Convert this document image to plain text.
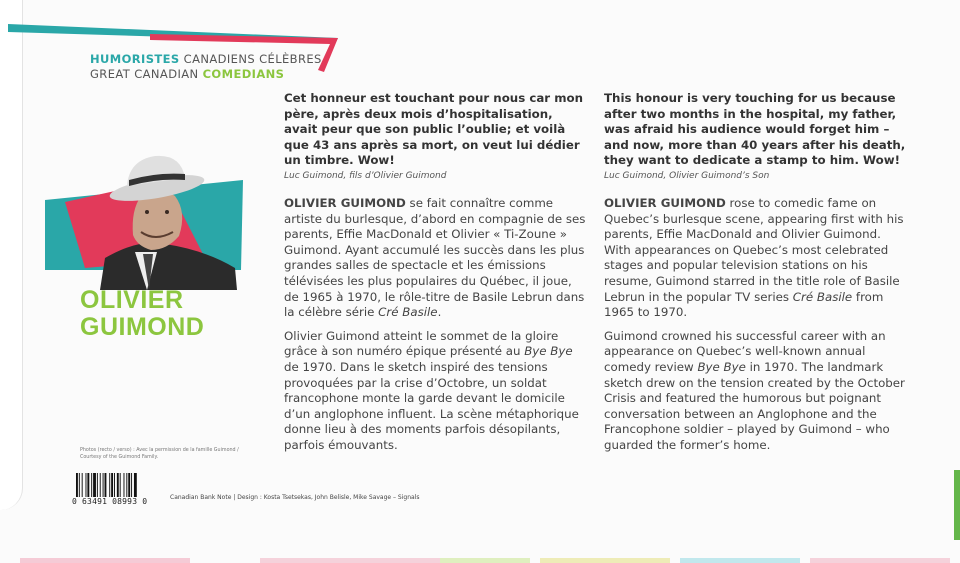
HUMORISTES CANADIENS CÉLÈBRES
GREAT CANADIAN COMEDIANS
OLIVIER
GUIMOND
Photos (recto / verso) : Avec la permission de la famille Guimond / Courtesy of the Guimond Family.
0 63491 08993 0	Canadian Bank Note | Design : Kosta Tsetsekas, John Belisle, Mike Savage – Signals
Cet honneur est touchant pour nous car mon père, après deux mois d’hospitalisation, avait peur que son public l’oublie; et voilà que 43 ans après sa mort, on veut lui dédier un timbre. Wow!
Luc Guimond, fils d’Olivier Guimond
OLIVIER GUIMOND se fait connaître comme artiste du burlesque, d’abord en compagnie de ses parents, Effie MacDonald et Olivier « Ti-Zoune » Guimond. Ayant accumulé les succès dans les plus grandes salles de spectacle et les émissions télévisées les plus populaires du Québec, il joue, de 1965 à 1970, le rôle-titre de Basile Lebrun dans la célèbre série Cré Basile.
Olivier Guimond atteint le sommet de la gloire grâce à son numéro épique présenté au Bye Bye de 1970. Dans le sketch inspiré des tensions provoquées par la crise d’Octobre, un soldat francophone monte la garde devant le domicile d’un anglophone influent. La scène métaphorique donne lieu à des moments parfois désopilants, parfois émouvants.
This honour is very touching for us because after two months in the hospital, my father, was afraid his audience would forget him – and now, more than 40 years after his death, they want to dedicate a stamp to him. Wow!
Luc Guimond, Olivier Guimond’s Son
OLIVIER GUIMOND rose to comedic fame on Quebec’s burlesque scene, appearing first with his parents, Effie MacDonald and Olivier Guimond. With appearances on Quebec’s most celebrated stages and popular television stations on his resume, Guimond starred in the title role of Basile Lebrun in the popular TV series Cré Basile from 1965 to 1970.
Guimond crowned his successful career with an appearance on Quebec’s well-known annual comedy review Bye Bye in 1970. The landmark sketch drew on the tension created by the October Crisis and featured the humorous but poignant conversation between an Anglophone and the Francophone soldier – played by Guimond – who guarded the former’s home.
